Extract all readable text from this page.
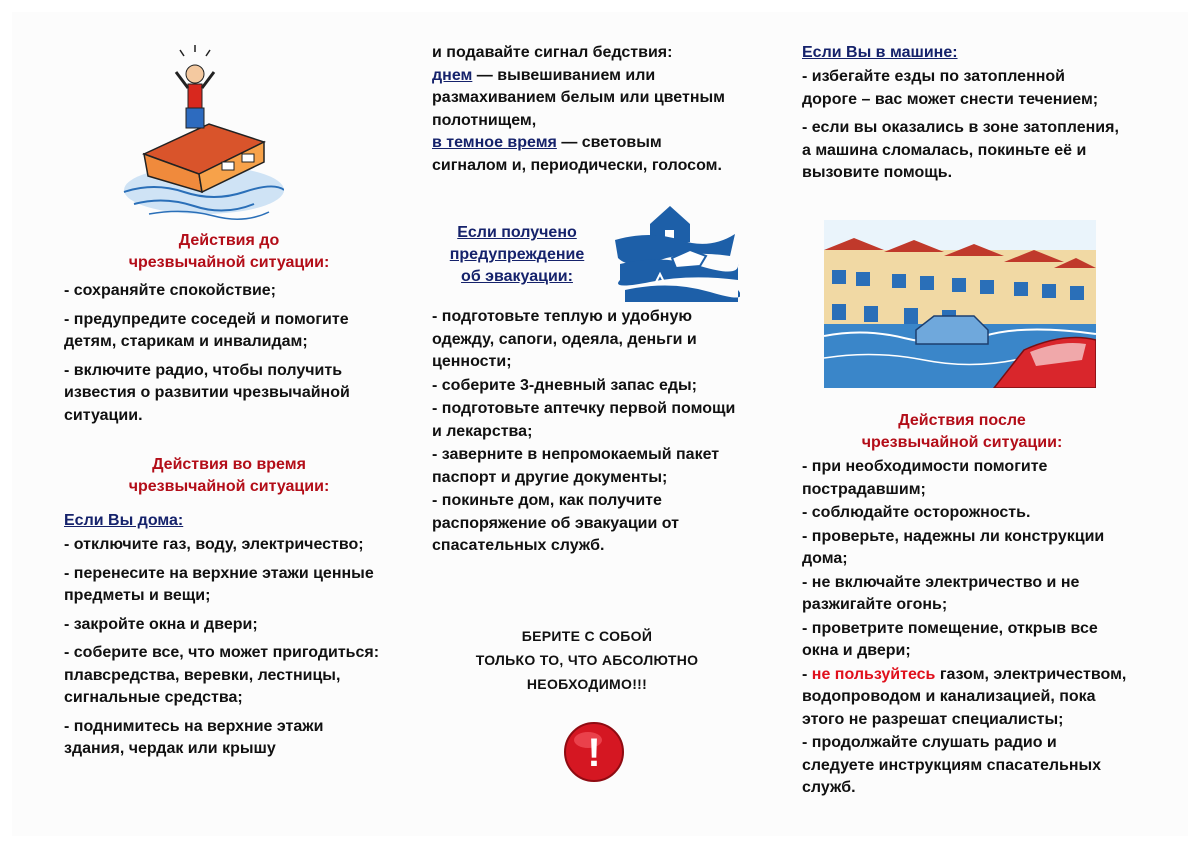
Действия до

чрезвычайной ситуации:

- сохраняйте спокойствие;
- предупредите соседей и помогите детям, старикам и инвалидам;
- включите радио, чтобы получить известия о развитии чрезвычайной ситуации.

Действия во время

чрезвычайной ситуации:

Если Вы дома:

- отключите газ, воду, электричество;
- перенесите на верхние этажи ценные предметы и вещи;
- закройте окна и двери;
- соберите все, что может пригодиться: плавсредства, веревки, лестницы, сигнальные средства;
- поднимитесь на верхние этажи здания, чердак или крышу

и подавайте сигнал бедствия:

днем — вывешиванием или размахиванием белым или цветным полотнищем,

в темное время — световым сигналом и, периодически, голосом.

Если получено

предупреждение

об эвакуации:

- подготовьте теплую и удобную одежду, сапоги, одеяла, деньги и ценности;
- соберите 3-дневный запас еды;
- подготовьте аптечку первой помощи и лекарства;
- заверните в непромокаемый пакет паспорт и другие документы;
- покиньте дом, как получите распоряжение об эвакуации от спасательных служб.

БЕРИТЕ С СОБОЙ

ТОЛЬКО ТО, ЧТО АБСОЛЮТНО

НЕОБХОДИМО!!!

!

Если Вы в машине:

- избегайте езды по затопленной дороге – вас может снести течением;
- если вы оказались в зоне затопления, а машина сломалась, покиньте её и вызовите помощь.

Действия после

чрезвычайной ситуации:

- при необходимости помогите пострадавшим;
- соблюдайте осторожность.
- проверьте, надежны ли конструкции дома;
- не включайте электричество и не разжигайте огонь;
- проветрите помещение, открыв все окна и двери;
- не пользуйтесь газом, электричеством, водопроводом и канализацией, пока этого не разрешат специалисты;
- продолжайте слушать радио и следуете инструкциям спасательных служб.
